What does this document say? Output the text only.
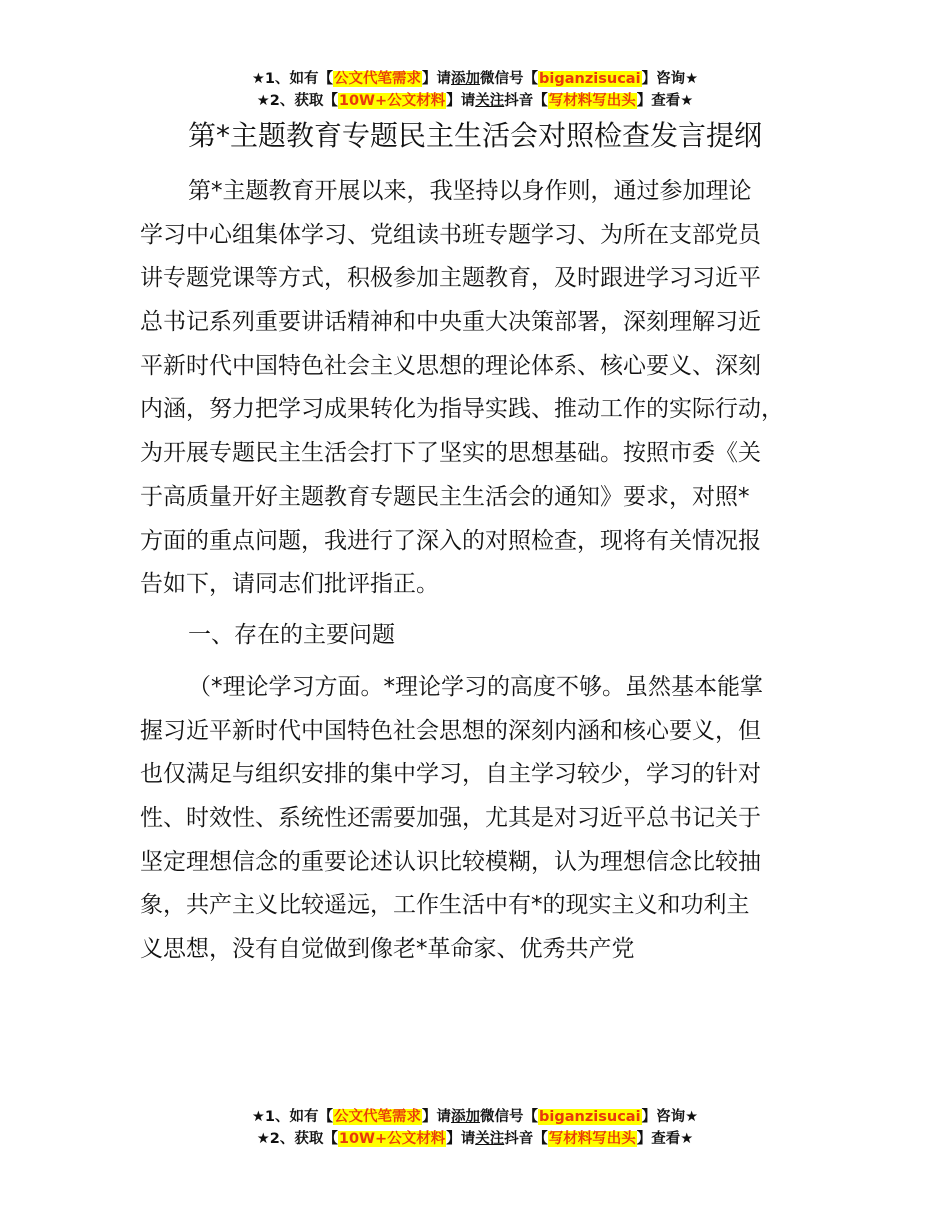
★1、如有【公文代笔需求】请添加微信号【biganzisucai】咨询★
★2、获取【10W+公文材料】请关注抖音【写材料写出头】查看★
第*主题教育专题民主生活会对照检查发言提纲
第*主题教育开展以来，我坚持以身作则，通过参加理论
学习中心组集体学习、党组读书班专题学习、为所在支部党员
讲专题党课等方式，积极参加主题教育，及时跟进学习习近平
总书记系列重要讲话精神和中央重大决策部署，深刻理解习近
平新时代中国特色社会主义思想的理论体系、核心要义、深刻
内涵，努力把学习成果转化为指导实践、推动工作的实际行动，
为开展专题民主生活会打下了坚实的思想基础。按照市委《关
于高质量开好主题教育专题民主生活会的通知》要求，对照*
方面的重点问题，我进行了深入的对照检查，现将有关情况报
告如下，请同志们批评指正。
一、存在的主要问题
（*理论学习方面。*理论学习的高度不够。虽然基本能掌
握习近平新时代中国特色社会思想的深刻内涵和核心要义，但
也仅满足与组织安排的集中学习，自主学习较少，学习的针对
性、时效性、系统性还需要加强，尤其是对习近平总书记关于
坚定理想信念的重要论述认识比较模糊，认为理想信念比较抽
象，共产主义比较遥远，工作生活中有*的现实主义和功利主
义思想，没有自觉做到像老*革命家、优秀共产党
★1、如有【公文代笔需求】请添加微信号【biganzisucai】咨询★
★2、获取【10W+公文材料】请关注抖音【写材料写出头】查看★
